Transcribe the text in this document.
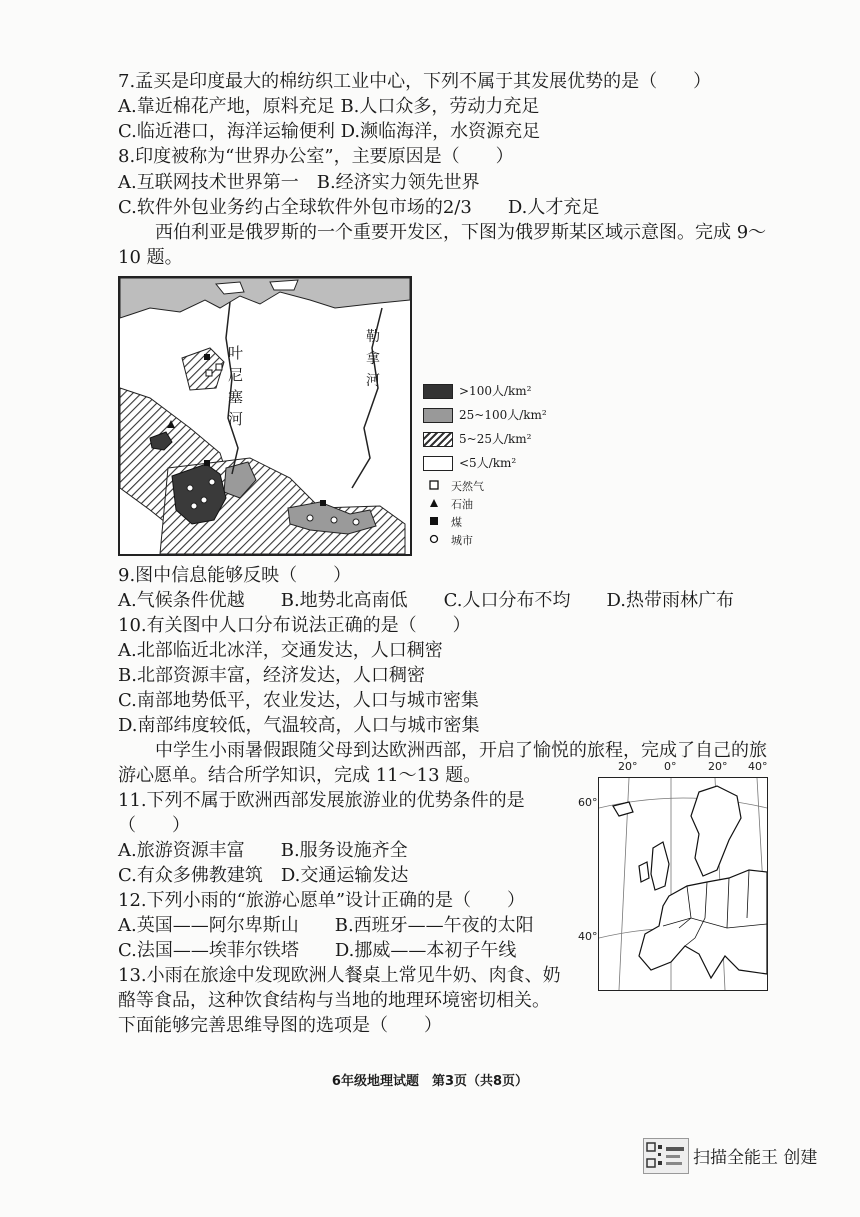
7.孟买是印度最大的棉纺织工业中心，下列不属于其发展优势的是（　　）
A.靠近棉花产地，原料充足 B.人口众多，劳动力充足
C.临近港口，海洋运输便利 D.濒临海洋，水资源充足
8.印度被称为“世界办公室”，主要原因是（　　）
A.互联网技术世界第一　B.经济实力领先世界
C.软件外包业务约占全球软件外包市场的2/3　　D.人才充足
西伯利亚是俄罗斯的一个重要开发区，下图为俄罗斯某区域示意图。完成 9～
10 题。
叶
尼
塞
河
勒
拿
河
>100人/km²
25~100人/km²
5~25人/km²
<5人/km²
天然气
石油
煤
城市
9.图中信息能够反映（　　）
A.气候条件优越　　B.地势北高南低　　C.人口分布不均　　D.热带雨林广布
10.有关图中人口分布说法正确的是（　　）
A.北部临近北冰洋，交通发达，人口稠密
B.北部资源丰富，经济发达，人口稠密
C.南部地势低平，农业发达，人口与城市密集
D.南部纬度较低，气温较高，人口与城市密集
中学生小雨暑假跟随父母到达欧洲西部，开启了愉悦的旅程，完成了自己的旅
游心愿单。结合所学知识，完成 11～13 题。
11.下列不属于欧洲西部发展旅游业的优势条件的是
（　　）
A.旅游资源丰富　　B.服务设施齐全
C.有众多佛教建筑　D.交通运输发达
12.下列小雨的“旅游心愿单”设计正确的是（　　）
A.英国——阿尔卑斯山　　B.西班牙——午夜的太阳
C.法国——埃菲尔铁塔　　D.挪威——本初子午线
13.小雨在旅途中发现欧洲人餐桌上常见牛奶、肉食、奶
酪等食品，这种饮食结构与当地的地理环境密切相关。
下面能够完善思维导图的选项是（　　）
20° 0°	20° 40°
60°
40°
6年级地理试题　第3页（共8页）
扫描全能王 创建
